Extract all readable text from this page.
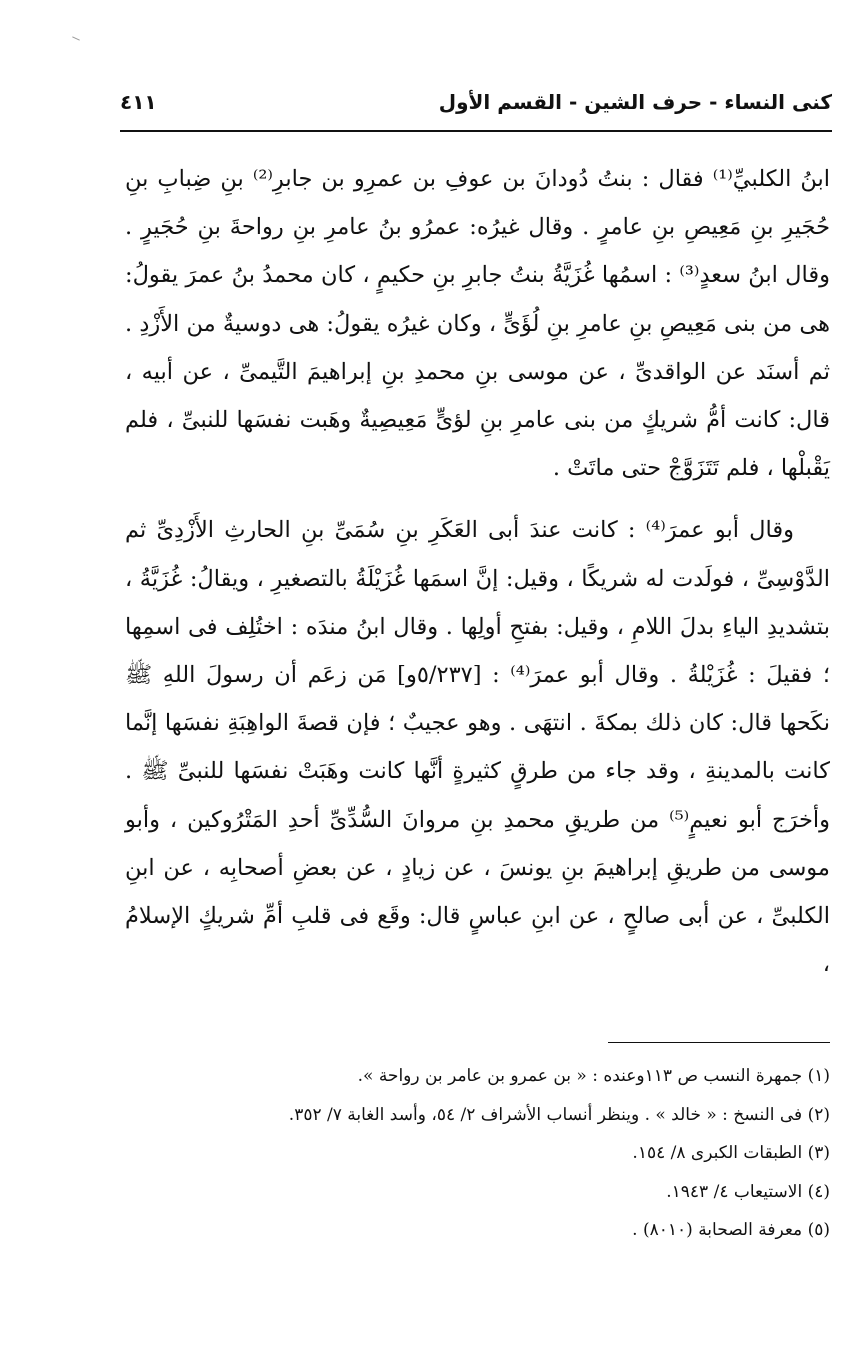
كنى النساء - حرف الشين - القسم الأول
٤١١

ابنُ الكلبيِّ⁽¹⁾ فقال : بنتُ دُودانَ بن عوفِ بن عمرِو بن جابرِ⁽²⁾ بنِ ضِبابِ بنِ حُجَيرِ بنِ مَعِيصِ بنِ عامرٍ . وقال غيرُه: عمرُو بنُ عامرِ بنِ رواحةَ بنِ حُجَيرٍ . وقال ابنُ سعدٍ⁽³⁾ : اسمُها غُزَيَّةُ بنتُ جابرِ بنِ حكيمٍ ، كان محمدُ بنُ عمرَ يقولُ: هى من بنى مَعِيصِ بنِ عامرِ بنِ لُؤَىٍّ ، وكان غيرُه يقولُ: هى دوسيةٌ من الأَزْدِ . ثم أسنَد عن الواقدىِّ ، عن موسى بنِ محمدِ بنِ إبراهيمَ التَّيمىِّ ، عن أبيه ، قال: كانت أمُّ شريكٍ من بنى عامرِ بنِ لؤىٍّ مَعِيصِيةٌ وهَبت نفسَها للنبىِّ ، فلم يَقْبلْها ، فلم تَتَزَوَّجْ حتى ماتَتْ .

وقال أبو عمرَ⁽⁴⁾ : كانت عندَ أبى العَكَرِ بنِ سُمَىِّ بنِ الحارثِ الأَزْدِىِّ ثم الدَّوْسِىِّ ، فولَدت له شريكًا ، وقيل: إنَّ اسمَها غُزَيْلَةُ بالتصغيرِ ، ويقالُ: غُزَيَّةُ ، بتشديدِ الياءِ بدلَ اللامِ ، وقيل: بفتحِ أولِها . وقال ابنُ مندَه : اختُلِف فى اسمِها ؛ فقيلَ : غُزَيْلةُ . وقال أبو عمرَ⁽⁴⁾ : [٥/٢٣٧و] مَن زعَم أن رسولَ اللهِ ﷺ نكَحها قال: كان ذلك بمكةَ . انتهَى . وهو عجيبٌ ؛ فإن قصةَ الواهِبَةِ نفسَها إنَّما كانت بالمدينةِ ، وقد جاء من طرقٍ كثيرةٍ أنَّها كانت وهَبَتْ نفسَها للنبىِّ ﷺ . وأخرَج أبو نعيمٍ⁽⁵⁾ من طريقِ محمدِ بنِ مروانَ السُّدِّىِّ أحدِ المَتْرُوكين ، وأبو موسى من طريقِ إبراهيمَ بنِ يونسَ ، عن زيادٍ ، عن بعضِ أصحابِه ، عن ابنِ الكلبىِّ ، عن أبى صالحٍ ، عن ابنِ عباسٍ قال: وقَع فى قلبِ أمِّ شريكٍ الإسلامُ ،

(١) جمهرة النسب ص ١١٣وعنده : « بن عمرو بن عامر بن رواحة ».
(٢) فى النسخ : « خالد » . وينظر أنساب الأشراف ٢/ ٥٤، وأسد الغابة ٧/ ٣٥٢.
(٣) الطبقات الكبرى ٨/ ١٥٤.
(٤) الاستيعاب ٤/ ١٩٤٣.
(٥) معرفة الصحابة (٨٠١٠) .
